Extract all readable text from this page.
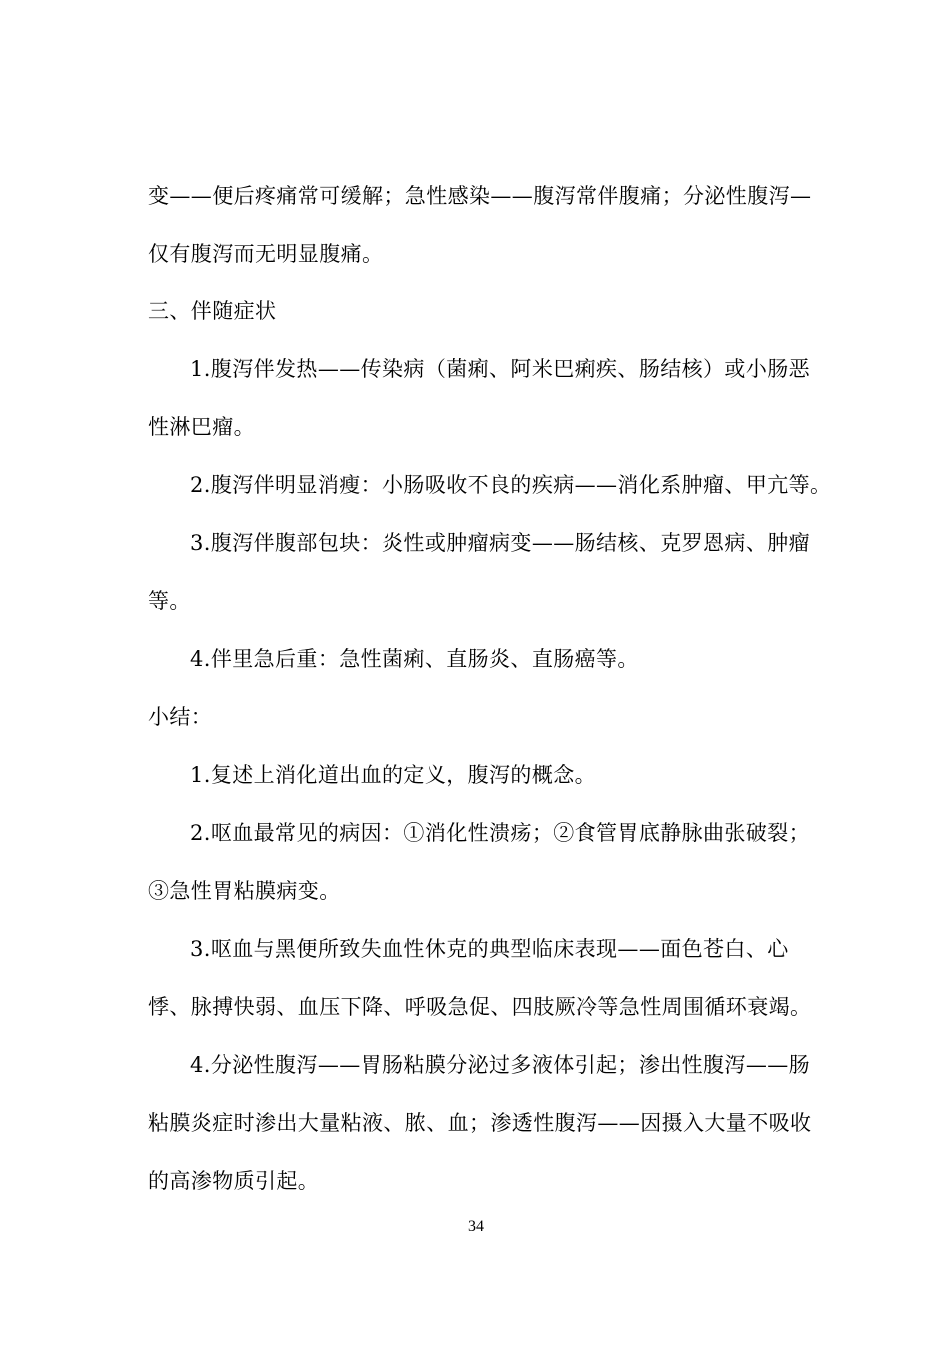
变——便后疼痛常可缓解；急性感染——腹泻常伴腹痛；分泌性腹泻—
仅有腹泻而无明显腹痛。
三、伴随症状
1.腹泻伴发热——传染病（菌痢、阿米巴痢疾、肠结核）或小肠恶
性淋巴瘤。
2.腹泻伴明显消瘦：小肠吸收不良的疾病——消化系肿瘤、甲亢等。
3.腹泻伴腹部包块：炎性或肿瘤病变——肠结核、克罗恩病、肿瘤
等。
4.伴里急后重：急性菌痢、直肠炎、直肠癌等。
小结：
1.复述上消化道出血的定义，腹泻的概念。
2.呕血最常见的病因：①消化性溃疡；②食管胃底静脉曲张破裂；
③急性胃粘膜病变。
3.呕血与黑便所致失血性休克的典型临床表现——面色苍白、心
悸、脉搏快弱、血压下降、呼吸急促、四肢厥冷等急性周围循环衰竭。
4.分泌性腹泻——胃肠粘膜分泌过多液体引起；渗出性腹泻——肠
粘膜炎症时渗出大量粘液、脓、血；渗透性腹泻——因摄入大量不吸收
的高渗物质引起。
34
